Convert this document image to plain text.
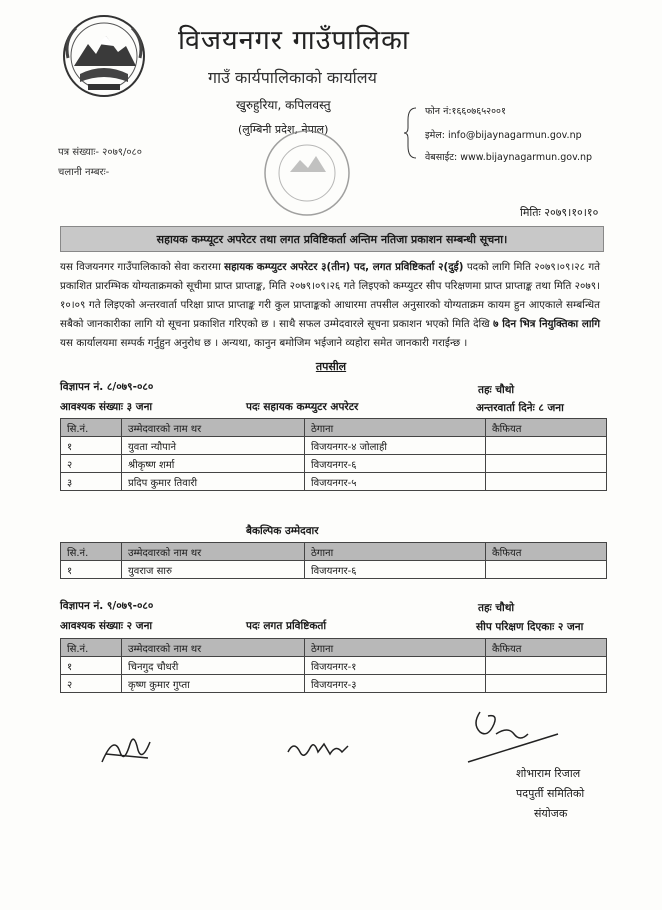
विजयनगर गाउँपालिका
गाउँ कार्यपालिकाको कार्यालय
खुरुहुरिया, कपिलवस्तु
(लुम्बिनी प्रदेश, नेपाल)
फोन नं:१६६०७६५२००१
इमेल: info@bijaynagarmun.gov.np
वेबसाईट: www.bijaynagarmun.gov.np
पत्र संख्याः- २०७९/०८०
चलानी नम्बरः-
मितिः २०७९।१०।१०
सहायक कम्प्यूटर अपरेटर तथा लगत प्रविष्टिकर्ता अन्तिम नतिजा प्रकाशन सम्बन्धी सूचना।
यस विजयनगर गाउँपालिकाको सेवा करारमा सहायक कम्प्युटर अपरेटर ३(तीन) पद, लगत प्रविष्टिकर्ता २(दुई) पदको लागि मिति २०७९।०९।२८ गते प्रकाशित प्रारम्भिक योग्यताक्रमको सूचीमा प्राप्त प्राप्ताङ्क, मिति २०७९।०९।२६ गते लिइएको कम्प्युटर सीप परिक्षणमा प्राप्त प्राप्ताङ्क तथा मिति २०७९।१०।०९ गते लिइएको अन्तरवार्ता परिक्षा प्राप्त प्राप्ताङ्क गरी कुल प्राप्ताङ्कको आधारमा तपसील अनुसारको योग्यताक्रम कायम हुन आएकाले सम्बन्धित सबैको जानकारीका लागि यो सूचना प्रकाशित गरिएको छ । साथै सफल उम्मेदवारले सूचना प्रकाशन भएको मिति देखि ७ दिन भित्र नियुक्तिका लागि यस कार्यालयमा सम्पर्क गर्नुहुन अनुरोध छ । अन्यथा, कानुन बमोजिम भईजाने व्यहोरा समेत जानकारी गराईन्छ ।
तपसील
विज्ञापन नं. ८/०७९-०८०	तहः चौथो
आवश्यक संख्याः ३ जना	पदः सहायक कम्प्युटर अपरेटर	अन्तरवार्ता दिनेः ८ जना
सि.नं.	उम्मेदवारको नाम थर	ठेगाना	कैफियत
१	युवता न्यौपाने	विजयनगर-४ जोलाही	
२	श्रीकृष्ण शर्मा	विजयनगर-६	
३	प्रदिप कुमार तिवारी	विजयनगर-५	
बैकल्पिक उम्मेदवार
सि.नं.	उम्मेदवारको नाम थर	ठेगाना	कैफियत
१	युवराज सारु	विजयनगर-६	
विज्ञापन नं. ९/०७९-०८०	तहः चौथो
आवश्यक संख्याः २ जना	पदः लगत प्रविष्टिकर्ता	सीप परिक्षण दिएकाः २ जना
सि.नं.	उम्मेदवारको नाम थर	ठेगाना	कैफियत
१	चिनगुद चौधरी	विजयनगर-१	
२	कृष्ण कुमार गुप्ता	विजयनगर-३	
शोभाराम रिजाल
पदपुर्ती समितिको
संयोजक
